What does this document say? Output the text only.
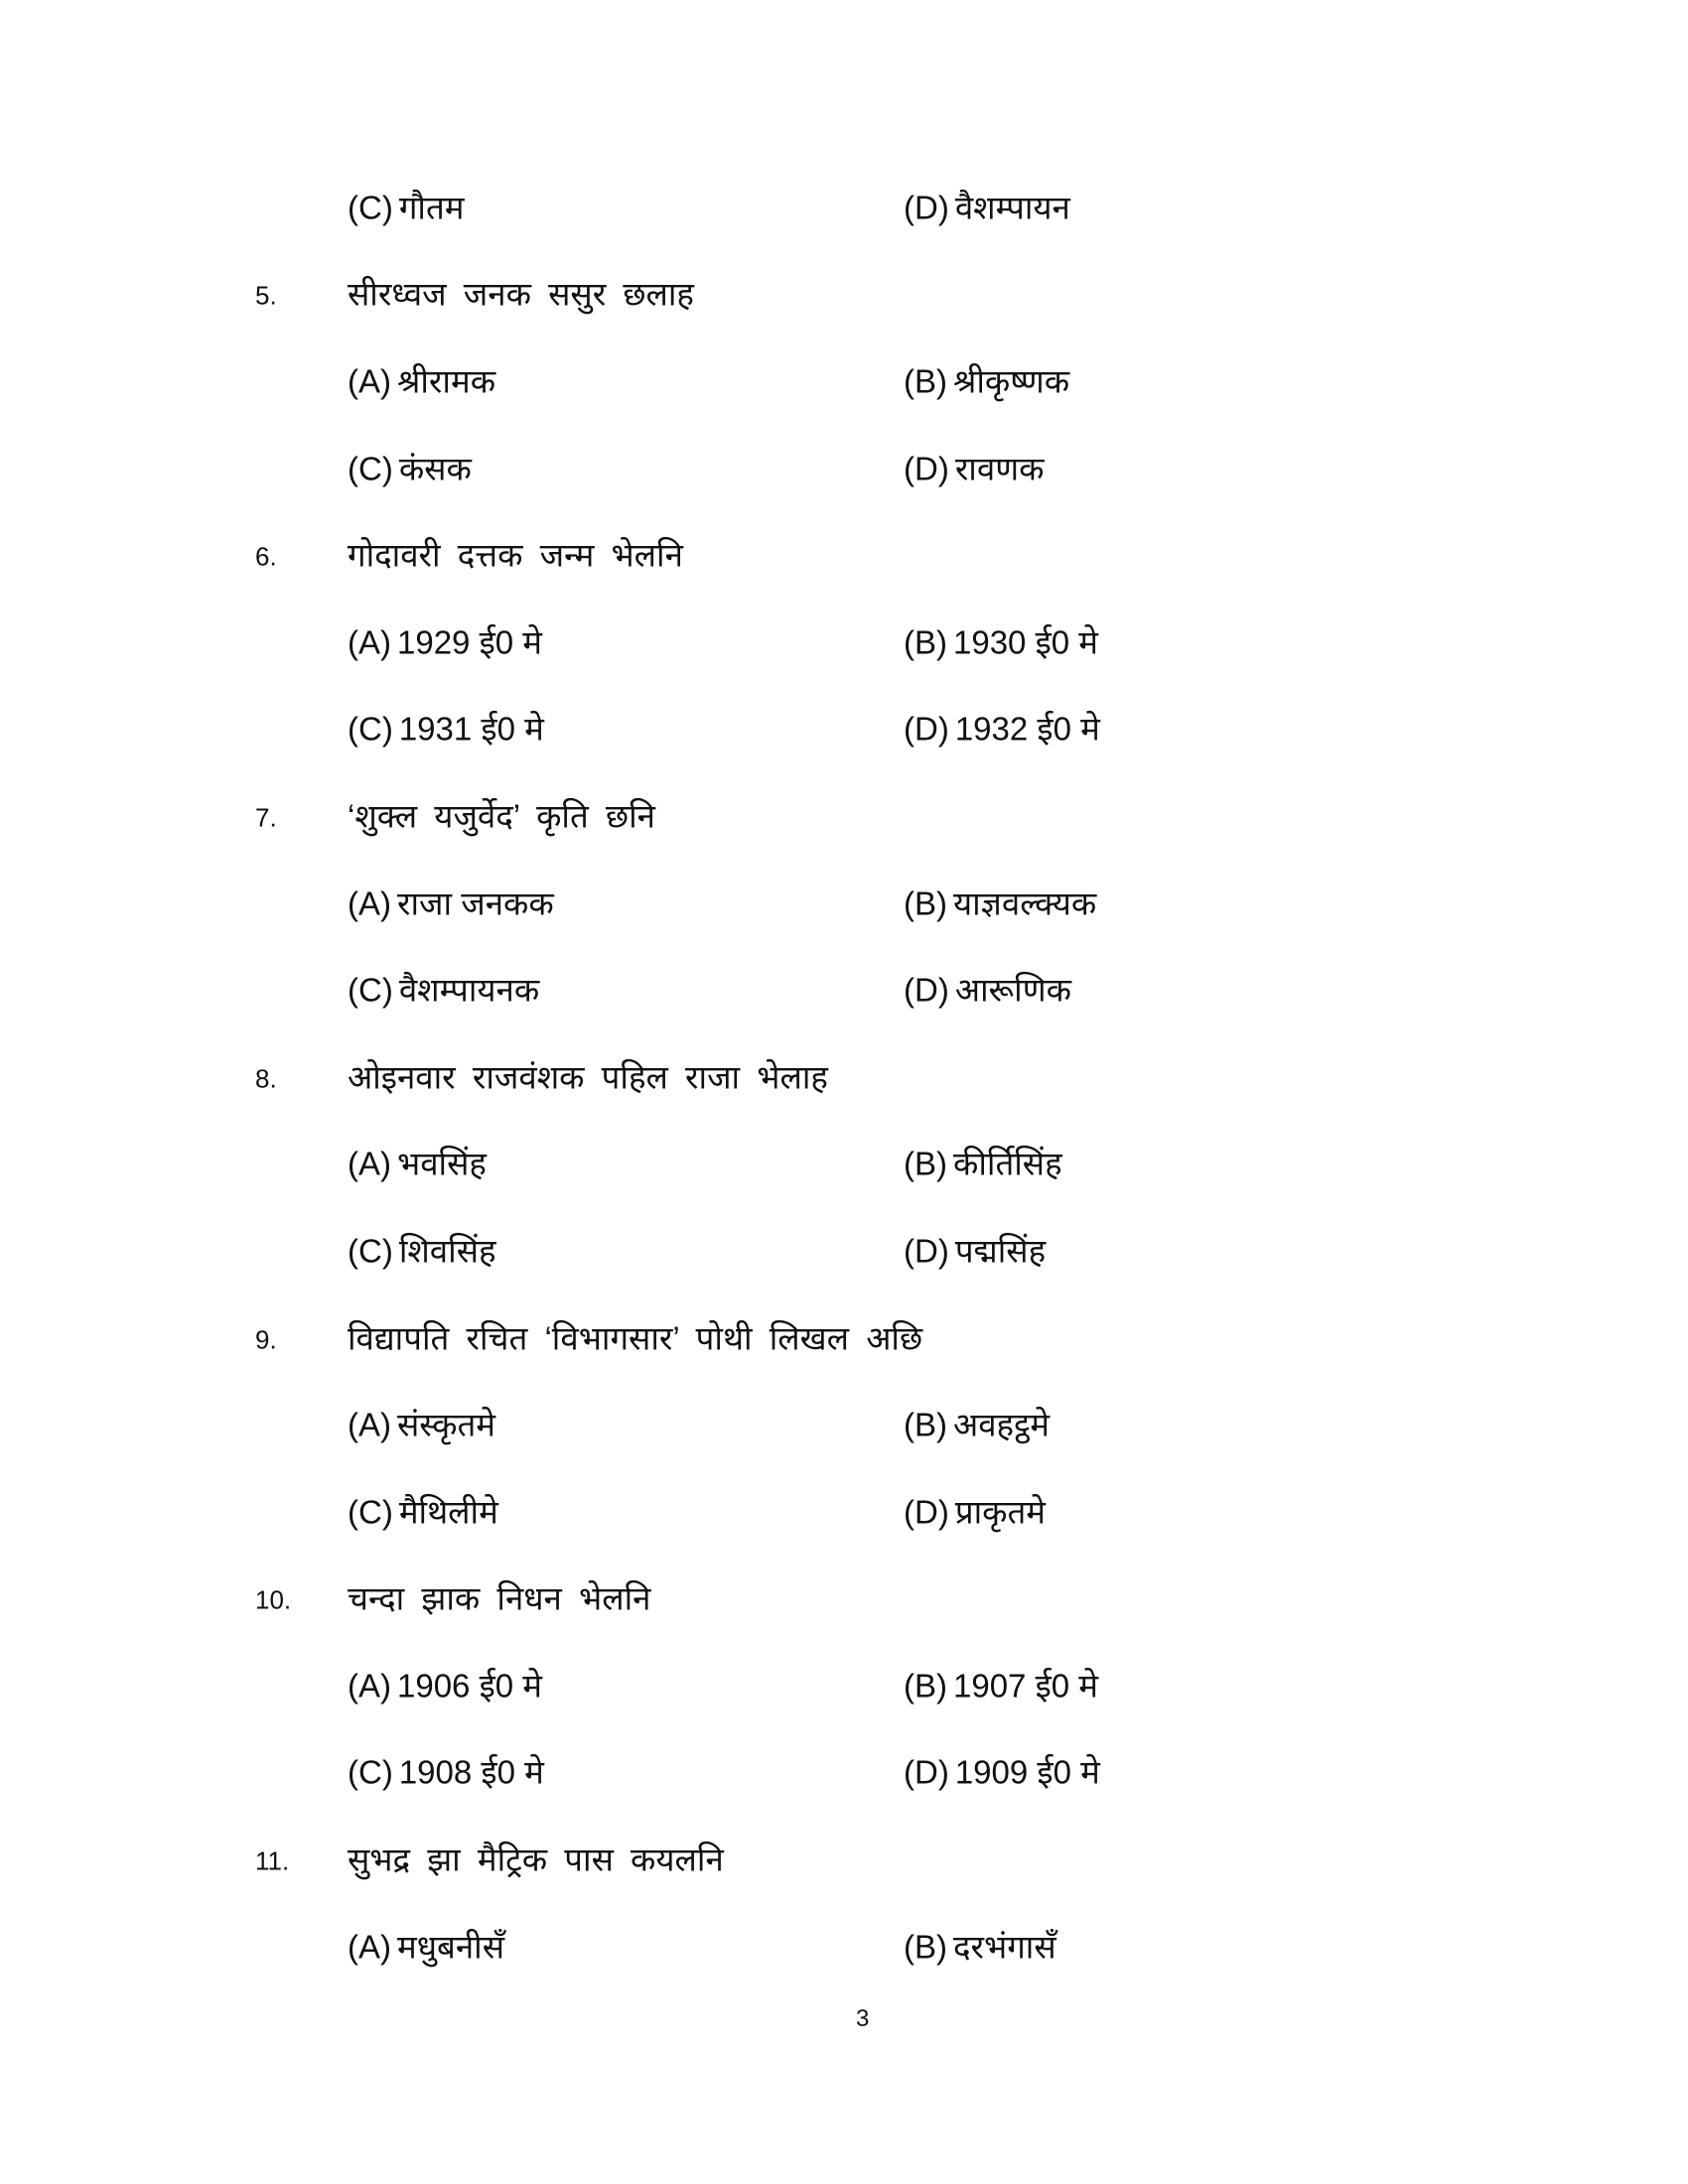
(C) गौतम	(D) वैशम्पायन
5. सीरध्वज जनक ससुर छलाह
(A) श्रीरामक	(B) श्रीकृष्णक
(C) कंसक	(D) रावणक
6. गोदावरी दत्तक जन्म भेलनि
(A) 1929 ई0 मे	(B) 1930 ई0 मे
(C) 1931 ई0 मे	(D) 1932 ई0 मे
7. ‘शुक्ल यजुर्वेद’ कृति छनि
(A) राजा जनकक	(B) याज्ञवल्क्यक
(C) वैशम्पायनक	(D) आरूणिक
8. ओइनवार राजवंशक पहिल राजा भेलाह
(A) भवसिंह	(B) कीर्तिसिंह
(C) शिवसिंह	(D) पद्मसिंह
9. विद्यापति रचित ‘विभागसार’ पोथी लिखल अछि
(A) संस्कृतमे	(B) अवहट्ठमे
(C) मैथिलीमे	(D) प्राकृतमे
10. चन्दा झाक निधन भेलनि
(A) 1906 ई0 मे	(B) 1907 ई0 मे
(C) 1908 ई0 मे	(D) 1909 ई0 मे
11. सुभद्र झा मैट्रिक पास कयलनि
(A) मधुबनीसँ	(B) दरभंगासँ
3
